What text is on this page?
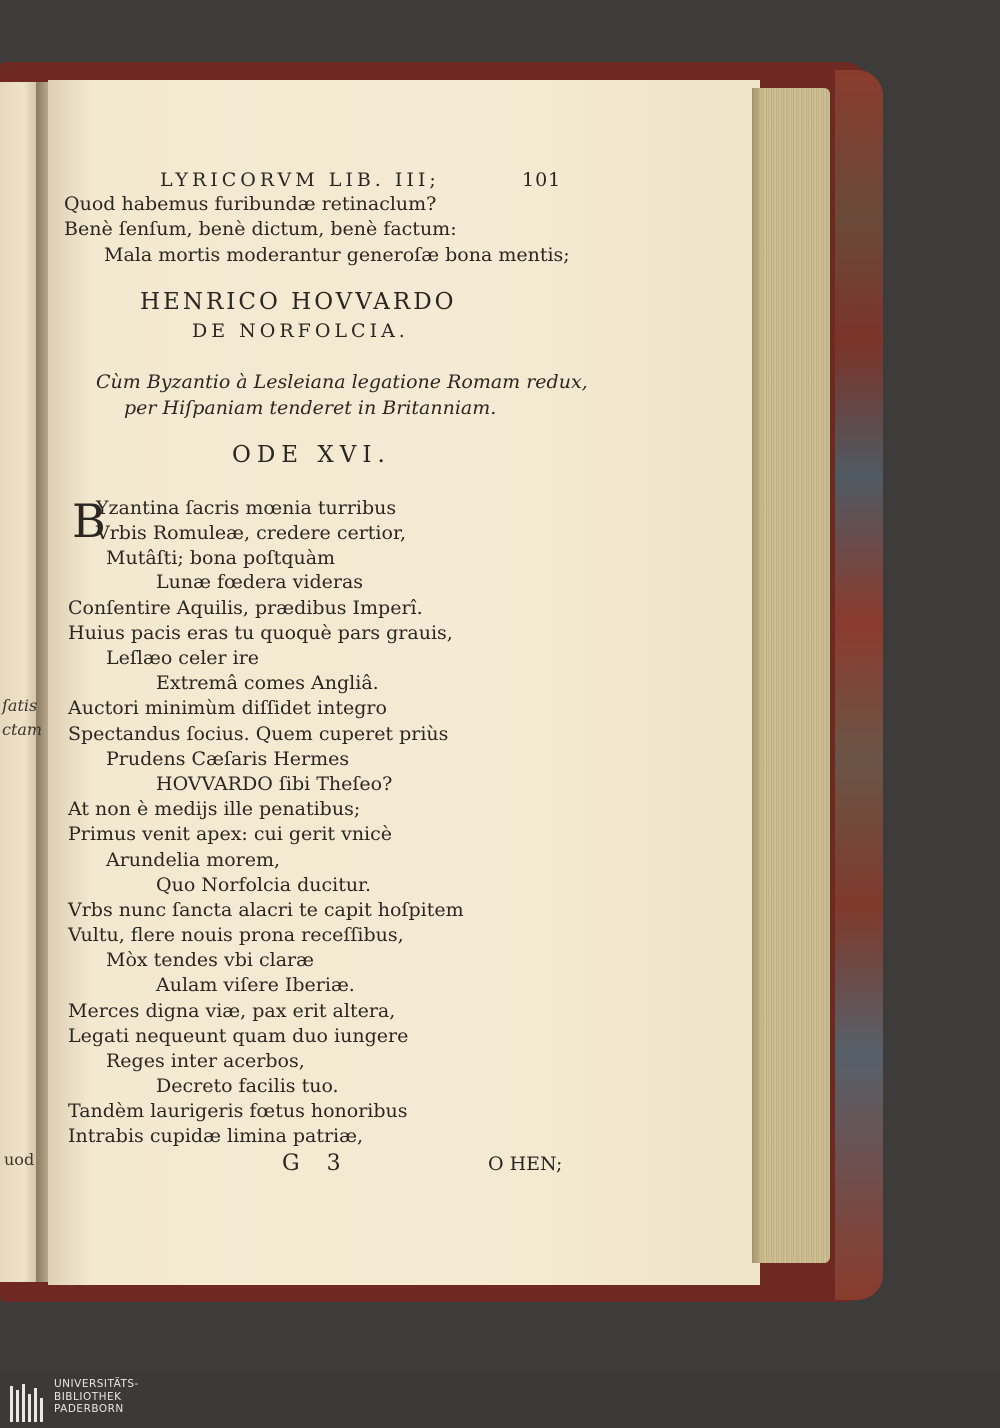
ſatis
ctam
uod
LYRICORVM LIB. III;	101
Quod habemus furibundæ retinaclum?
Benè ſenſum, benè dictum, benè factum:
Mala mortis moderantur generoſæ bona mentis;
HENRICO HOVVARDO
DE NORFOLCIA.
Cùm Byzantio à Lesleiana legatione Romam redux,
per Hiſpaniam tenderet in Britanniam.
ODE XVI.
B
Yzantina ſacris mœnia turribus
Vrbis Romuleæ, credere certior,
Mutâſti; bona poſtquàm
Lunæ fœdera videras
Conſentire Aquilis, prædibus Imperî.
Huius pacis eras tu quoquè pars grauis,
Leſlæo celer ire
Extremâ comes Angliâ.
Auctori minimùm diſſidet integro
Spectandus ſocius. Quem cuperet priùs
Prudens Cæſaris Hermes
HOVVARDO ſibi Theſeo?
At non è medijs ille penatibus;
Primus venit apex: cui gerit vnicè
Arundelia morem,
Quo Norfolcia ducitur.
Vrbs nunc ſancta alacri te capit hoſpitem
Vultu, flere nouis prona receſſibus,
Mòx tendes vbi claræ
Aulam viſere Iberiæ.
Merces digna viæ, pax erit altera,
Legati nequeunt quam duo iungere
Reges inter acerbos,
Decreto facilis tuo.
Tandèm laurigeris fœtus honoribus
Intrabis cupidæ limina patriæ,
G 3	O HEN;
UNIVERSITÄTS-
BIBLIOTHEK
PADERBORN
